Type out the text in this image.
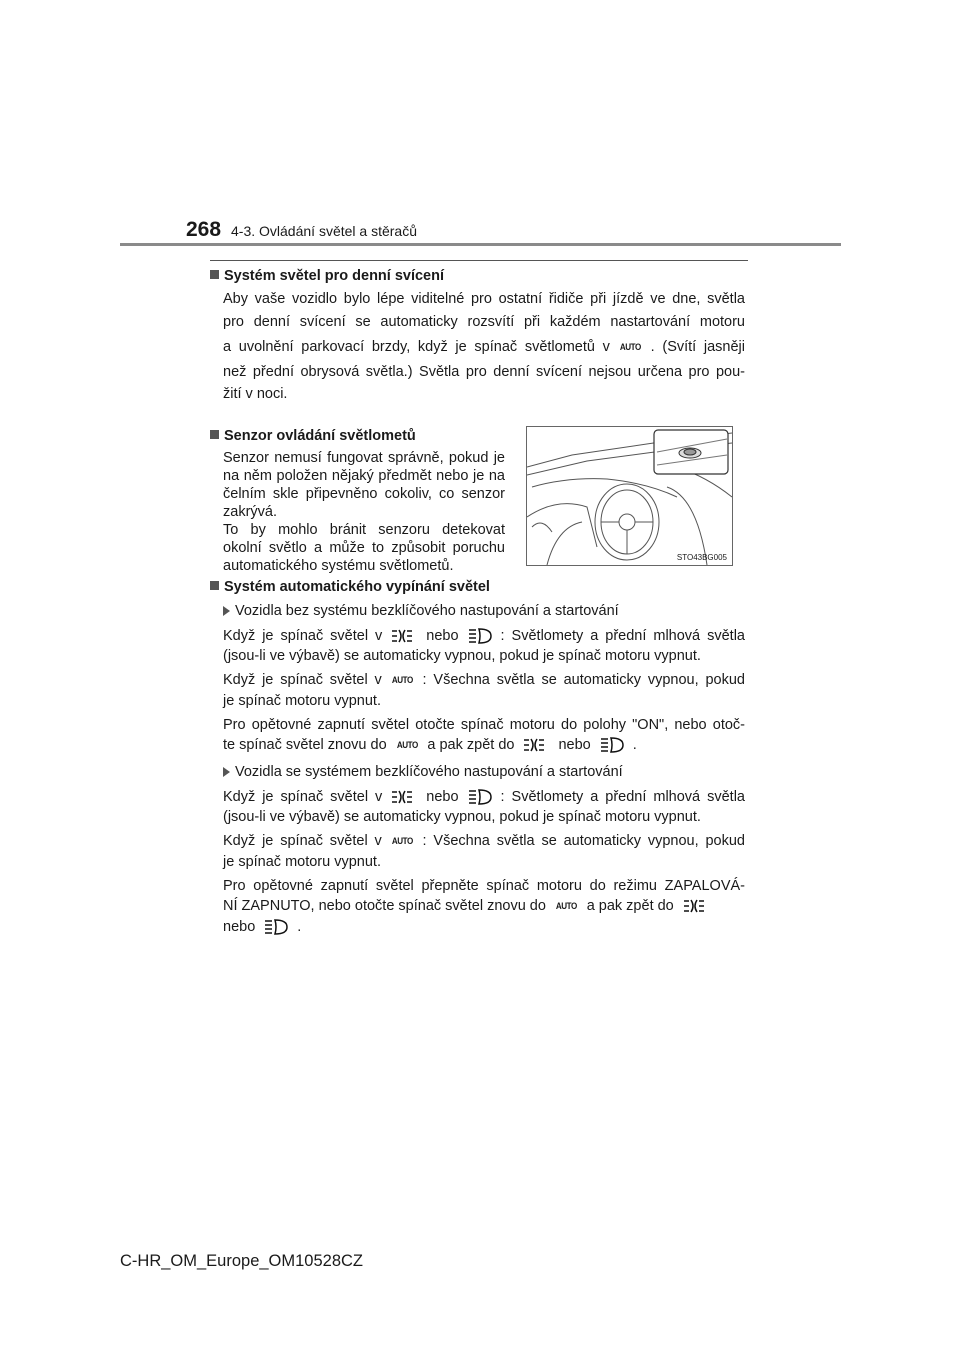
268 4-3. Ovládání světel a stěračů
Systém světel pro denní svícení
Aby vaše vozidlo bylo lépe viditelné pro ostatní řidiče při jízdě ve dne, světla
pro denní svícení se automaticky rozsvítí při každém nastartování motoru
a uvolnění parkovací brzdy, když je spínač světlometů v AUTO . (Svítí jasněji
než přední obrysová světla.) Světla pro denní svícení nejsou určena pro pou-
žití v noci.
Senzor ovládání světlometů
Senzor nemusí fungovat správně, pokud je na něm položen nějaký předmět nebo je na čelním skle připevněno cokoliv, co senzor zakrývá.
To by mohlo bránit senzoru detekovat okolní světlo a může to způsobit poruchu automatického systému světlometů.
STO43BG005
Systém automatického vypínání světel
Vozidla bez systému bezklíčového nastupování a startování
Když je spínač světel v	nebo	: Světlomety a přední mlhová světla
(jsou-li ve výbavě) se automaticky vypnou, pokud je spínač motoru vypnut.
Když je spínač světel v AUTO : Všechna světla se automaticky vypnou, pokud
je spínač motoru vypnut.
Pro opětovné zapnutí světel otočte spínač motoru do polohy "ON", nebo otoč-
te spínač světel znovu do AUTO a pak zpět do	nebo	.
Vozidla se systémem bezklíčového nastupování a startování
Když je spínač světel v	nebo	: Světlomety a přední mlhová světla
(jsou-li ve výbavě) se automaticky vypnou, pokud je spínač motoru vypnut.
Když je spínač světel v AUTO : Všechna světla se automaticky vypnou, pokud
je spínač motoru vypnut.
Pro opětovné zapnutí světel přepněte spínač motoru do režimu ZAPALOVÁ-
NÍ ZAPNUTO, nebo otočte spínač světel znovu do AUTO a pak zpět do
nebo	.
C-HR_OM_Europe_OM10528CZ
